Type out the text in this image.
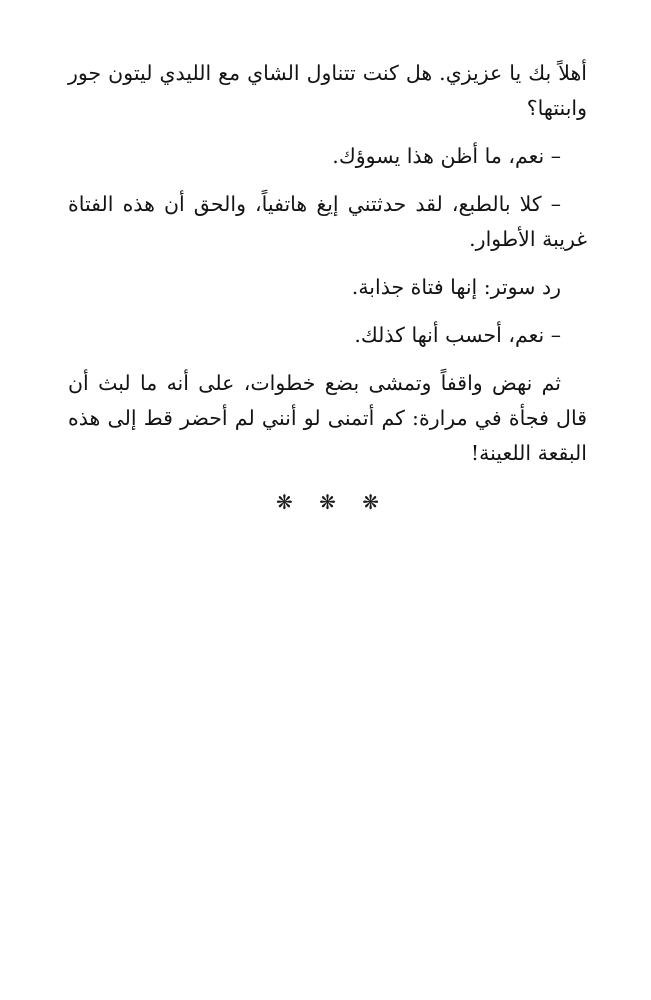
أهلاً بك يا عزيزي. هل كنت تتناول الشاي مع الليدي ليتون جور وابنتها؟

– نعم، ما أظن هذا يسوؤك.

– كلا بالطبع، لقد حدثتني إيغ هاتفياً، والحق أن هذه الفتاة غريبة الأطوار.

رد سوتر: إنها فتاة جذابة.

– نعم، أحسب أنها كذلك.

ثم نهض واقفاً وتمشى بضع خطوات، على أنه ما لبث أن قال فجأة في مرارة: كم أتمنى لو أنني لم أحضر قط إلى هذه البقعة اللعينة!

❋ ❋ ❋
